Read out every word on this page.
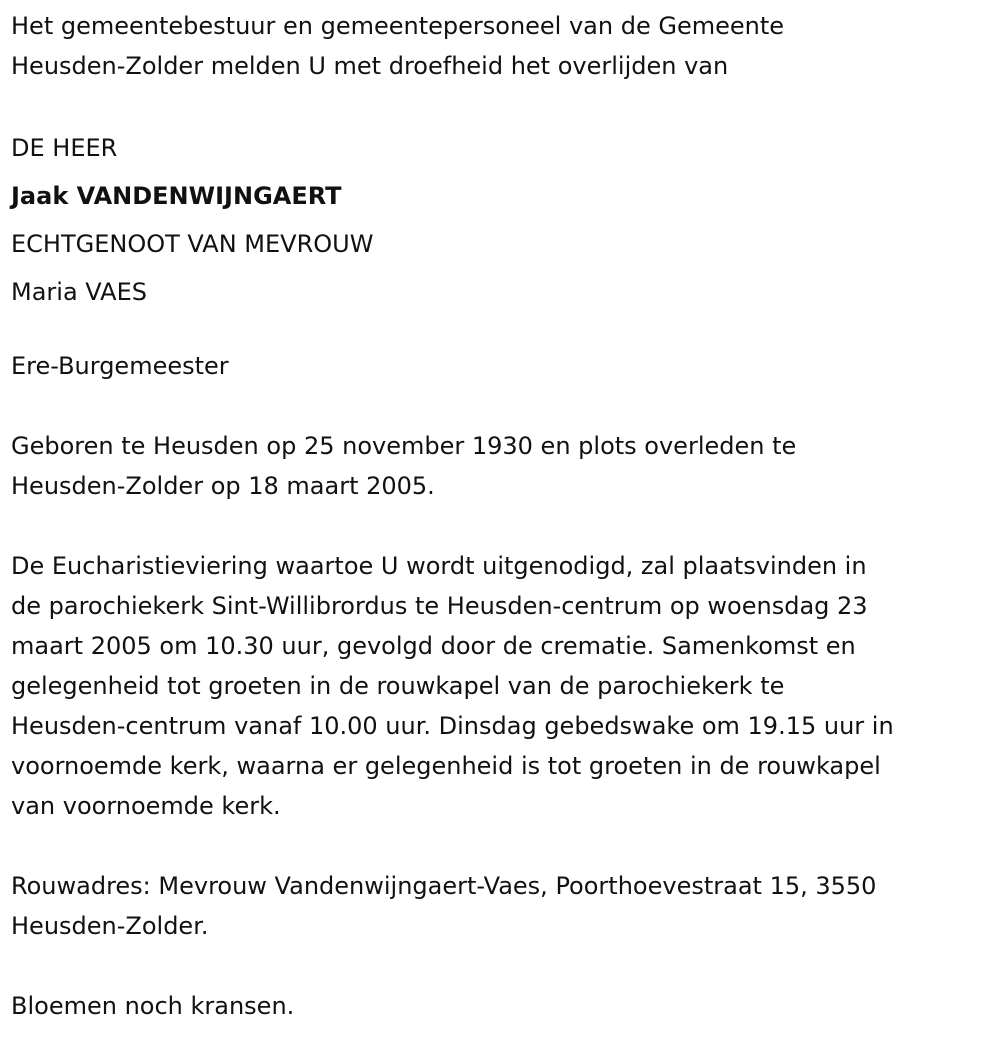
Het gemeentebestuur en gemeentepersoneel van de Gemeente
Heusden-Zolder melden U met droefheid het overlijden van

DE HEER

Jaak VANDENWIJNGAERT

ECHTGENOOT VAN MEVROUW

Maria VAES

Ere-Burgemeester

Geboren te Heusden op 25 november 1930 en plots overleden te
Heusden-Zolder op 18 maart 2005.

De Eucharistieviering waartoe U wordt uitgenodigd, zal plaatsvinden in
de parochiekerk Sint-Willibrordus te Heusden-centrum op woensdag 23
maart 2005 om 10.30 uur, gevolgd door de crematie. Samenkomst en
gelegenheid tot groeten in de rouwkapel van de parochiekerk te
Heusden-centrum vanaf 10.00 uur. Dinsdag gebedswake om 19.15 uur in
voornoemde kerk, waarna er gelegenheid is tot groeten in de rouwkapel
van voornoemde kerk.

Rouwadres: Mevrouw Vandenwijngaert-Vaes, Poorthoevestraat 15, 3550
Heusden-Zolder.

Bloemen noch kransen.
